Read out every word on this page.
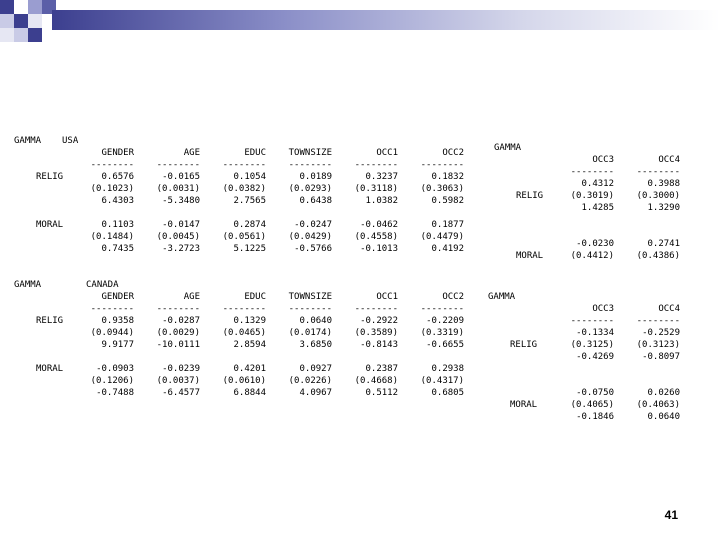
GAMMA USA
GENDER	AGE	EDUC	TOWNSIZE	OCC1	OCC2
--------	--------	--------	--------	--------	--------
RELIG	0.6576	-0.0165	0.1054	0.0189	0.3237	0.1832
(0.1023)	(0.0031)	(0.0382)	(0.0293)	(0.3118)	(0.3063)
6.4303	-5.3480	2.7565	0.6438	1.0382	0.5982
MORAL	0.1103	-0.0147	0.2874	-0.0247	-0.0462	0.1877
(0.1484)	(0.0045)	(0.0561)	(0.0429)	(0.4558)	(0.4479)
0.7435	-3.2723	5.1225	-0.5766	-0.1013	0.4192
GAMMA
OCC3	OCC4
--------	--------
0.4312	0.3988
RELIG	(0.3019)	(0.3000)
1.4285	1.3290
-0.0230	0.2741
MORAL	(0.4412)	(0.4386)
GAMMA	CANADA
GENDER	AGE	EDUC	TOWNSIZE	OCC1	OCC2
--------	--------	--------	--------	--------	--------
RELIG	0.9358	-0.0287	0.1329	0.0640	-0.2922	-0.2209
(0.0944)	(0.0029)	(0.0465)	(0.0174)	(0.3589)	(0.3319)
9.9177	-10.0111	2.8594	3.6850	-0.8143	-0.6655
MORAL	-0.0903	-0.0239	0.4201	0.0927	0.2387	0.2938
(0.1206)	(0.0037)	(0.0610)	(0.0226)	(0.4668)	(0.4317)
-0.7488	-6.4577	6.8844	4.0967	0.5112	0.6805
GAMMA
OCC3	OCC4
--------	--------
-0.1334	-0.2529
RELIG	(0.3125)	(0.3123)
-0.4269	-0.8097
-0.0750	0.0260
MORAL	(0.4065)	(0.4063)
-0.1846	0.0640
41
